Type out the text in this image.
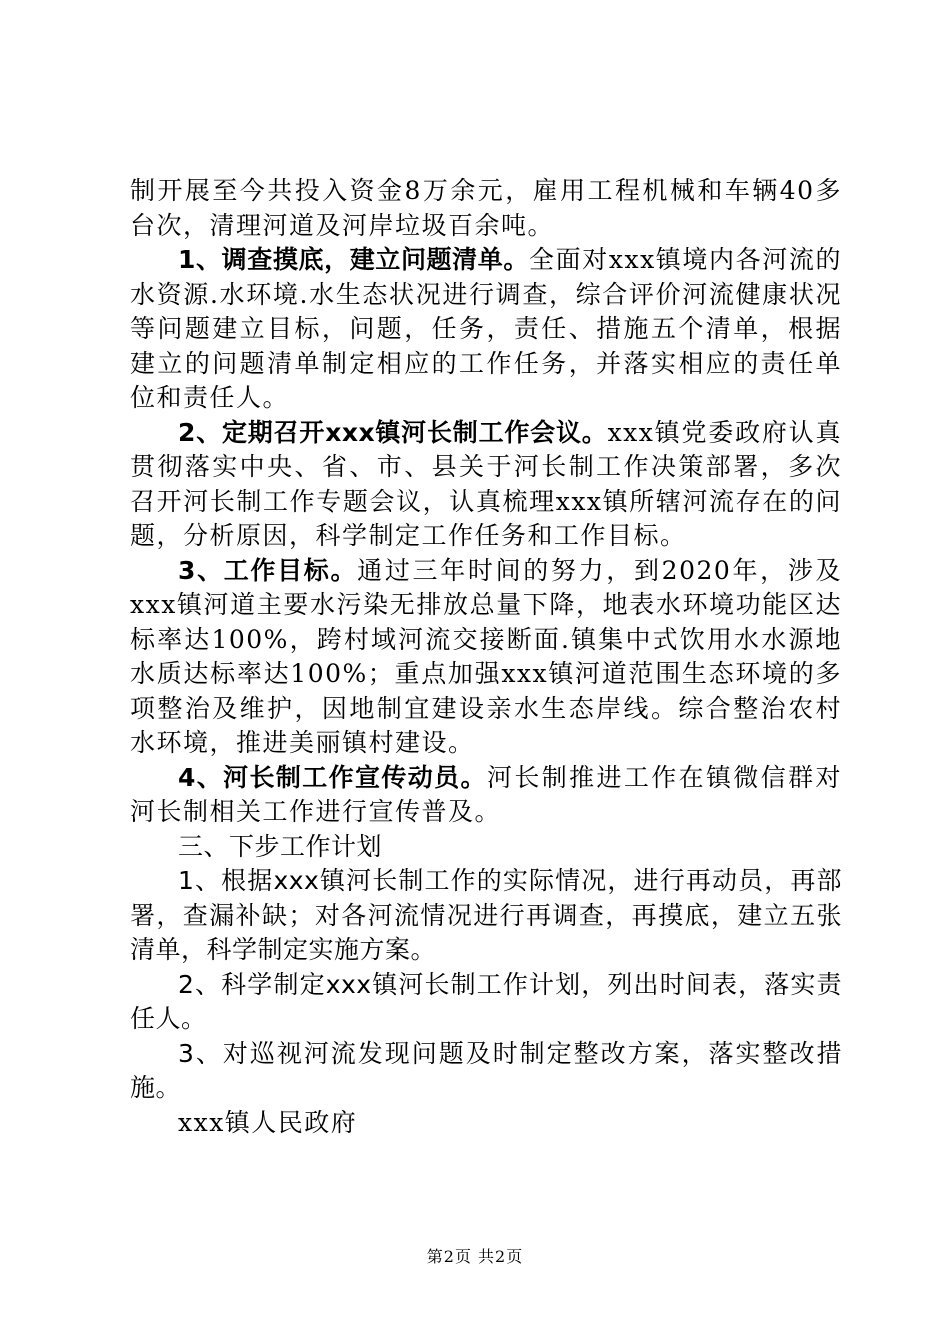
制开展至今共投入资金8万余元，雇用工程机械和车辆40多台次，清理河道及河岸垃圾百余吨。

1、调查摸底，建立问题清单。全面对xxx镇境内各河流的水资源.水环境.水生态状况进行调查，综合评价河流健康状况等问题建立目标，问题，任务，责任、措施五个清单，根据建立的问题清单制定相应的工作任务，并落实相应的责任单位和责任人。

2、定期召开xxx镇河长制工作会议。xxx镇党委政府认真贯彻落实中央、省、市、县关于河长制工作决策部署，多次召开河长制工作专题会议，认真梳理xxx镇所辖河流存在的问题，分析原因，科学制定工作任务和工作目标。

3、工作目标。通过三年时间的努力，到2020年，涉及xxx镇河道主要水污染无排放总量下降，地表水环境功能区达标率达100%，跨村域河流交接断面.镇集中式饮用水水源地水质达标率达100%；重点加强xxx镇河道范围生态环境的多项整治及维护，因地制宜建设亲水生态岸线。综合整治农村水环境，推进美丽镇村建设。

4、河长制工作宣传动员。河长制推进工作在镇微信群对河长制相关工作进行宣传普及。

三、下步工作计划

1、根据xxx镇河长制工作的实际情况，进行再动员，再部署，查漏补缺；对各河流情况进行再调查，再摸底，建立五张清单，科学制定实施方案。

2、科学制定xxx镇河长制工作计划，列出时间表，落实责任人。

3、对巡视河流发现问题及时制定整改方案，落实整改措施。

xxx镇人民政府

第2页 共2页
